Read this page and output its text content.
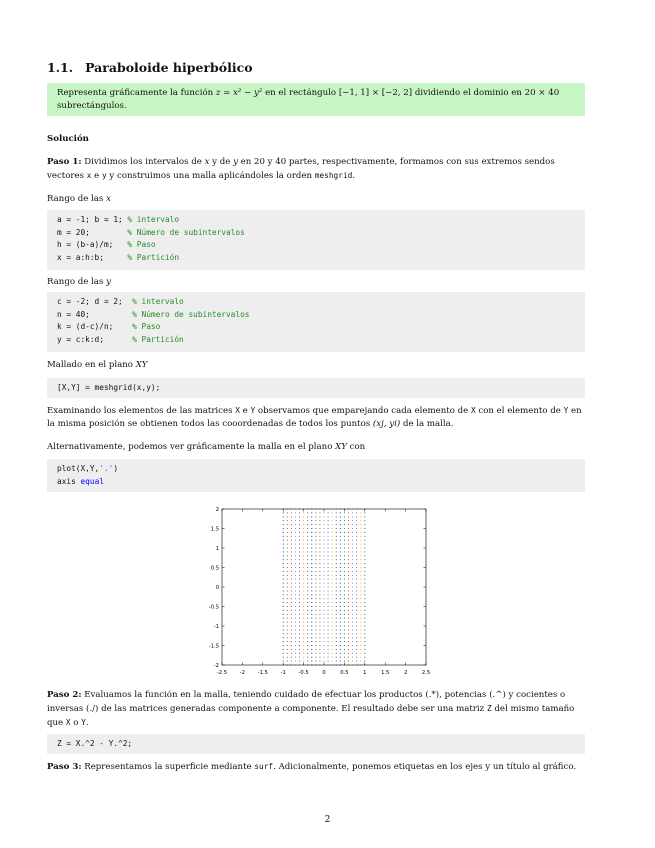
1.1. Paraboloide hiperbólico
Representa gráficamente la función z = x² − y² en el rectángulo [−1, 1] × [−2, 2] dividiendo el dominio en 20 × 40 subrectángulos.
Solución
Paso 1: Dividimos los intervalos de x y de y en 20 y 40 partes, respectivamente, formamos con sus extremos sendos vectores x e y y construimos una malla aplicándoles la orden meshgrid.
Rango de las x
a = -1; b = 1; % intervalo
m = 20;        % Número de subintervalos
h = (b-a)/m;   % Paso
x = a:h:b;     % Partición
Rango de las y
c = -2; d = 2;  % intervalo
n = 40;         % Número de subintervalos
k = (d-c)/n;    % Paso
y = c:k:d;      % Partición
Mallado en el plano XY
[X,Y] = meshgrid(x,y);
Examinando los elementos de las matrices X e Y observamos que emparejando cada elemento de X con el elemento de Y en la misma posición se obtienen todos las cooordenadas de todos los puntos (xj, yi) de la malla.
Alternativamente, podemos ver gráficamente la malla en el plano XY con
plot(X,Y,'.')
axis equal
-2.5 -2 -1.5 -1 -0.5	0	0.5	1	1.5	2	2.5
-2
-1.5
-1
-0.5
0
0.5
1
1.5
2
Paso 2: Evaluamos la función en la malla, teniendo cuidado de efectuar los productos (.*), potencias (.^) y cocientes o inversas (./) de las matrices generadas componente a componente. El resultado debe ser una matriz Z del mismo tamaño que X o Y.
Z = X.^2 - Y.^2;
Paso 3: Representamos la superficie mediante surf. Adicionalmente, ponemos etiquetas en los ejes y un título al gráfico.
2
